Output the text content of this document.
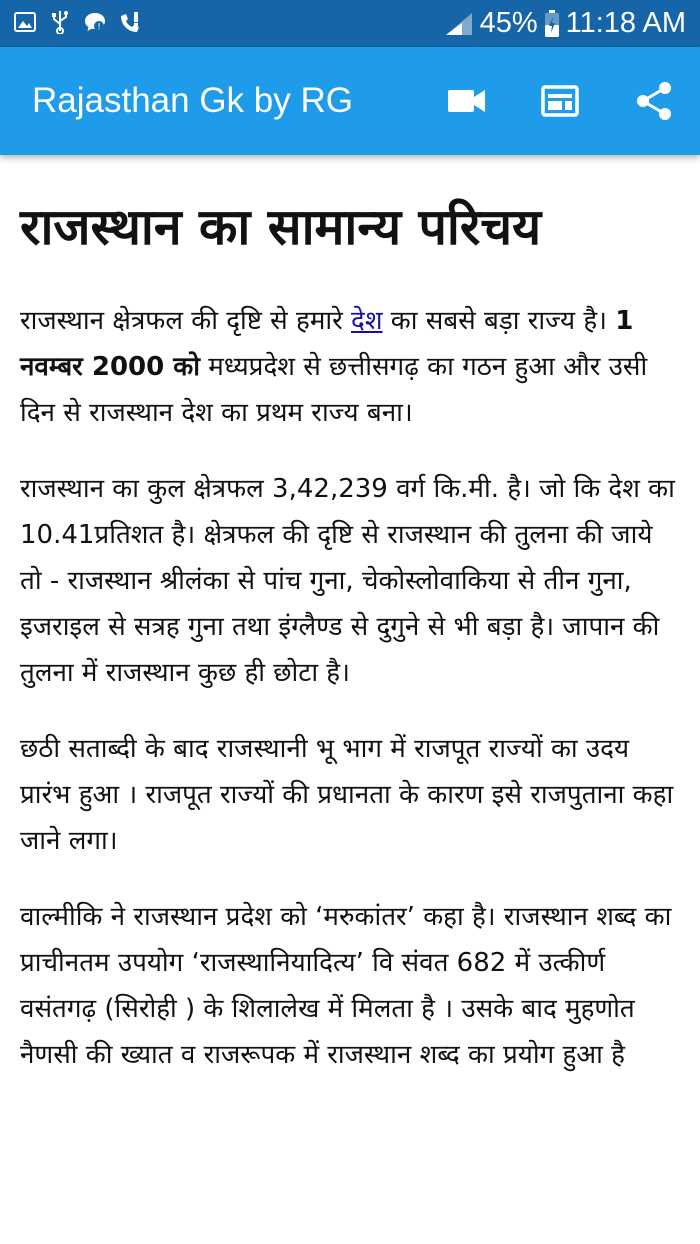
!	45% 11:18 AM
Rajasthan Gk by RG
राजस्थान का सामान्य परिचय

राजस्थान क्षेत्रफल की दृष्टि से हमारे देश का सबसे बड़ा राज्य है। 1 नवम्बर 2000 को मध्यप्रदेश से छत्तीसगढ़ का गठन हुआ और उसी दिन से राजस्थान देश का प्रथम राज्य बना।

राजस्थान का कुल क्षेत्रफल 3,42,239 वर्ग कि.मी. है। जो कि देश का 10.41प्रतिशत है। क्षेत्रफल की दृष्टि से राजस्थान की तुलना की जाये तो - राजस्थान श्रीलंका से पांच गुना, चेकोस्लोवाकिया से तीन गुना, इजराइल से सत्रह गुना तथा इंग्लैण्ड से दुगुने से भी बड़ा है। जापान की तुलना में राजस्थान कुछ ही छोटा है।

छठी सताब्दी के बाद राजस्थानी भू भाग में राजपूत राज्यों का उदय प्रारंभ हुआ । राजपूत राज्यों की प्रधानता के कारण इसे राजपुताना कहा जाने लगा।

वाल्मीकि ने राजस्थान प्रदेश को ‘मरुकांतर’ कहा है। राजस्थान शब्द का प्राचीनतम उपयोग ‘राजस्थानियादित्य’ वि संवत 682 में उत्कीर्ण वसंतगढ़ (सिरोही ) के शिलालेख में मिलता है । उसके बाद मुहणोत नैणसी की ख्यात व राजरूपक में राजस्थान शब्द का प्रयोग हुआ है
